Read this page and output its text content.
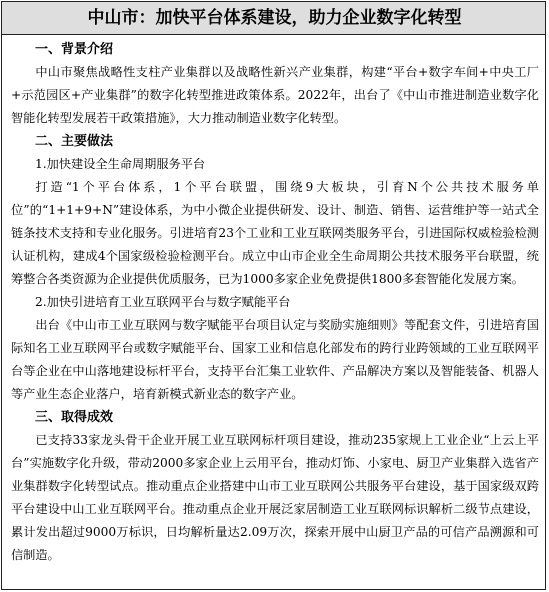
中山市：加快平台体系建设，助力企业数字化转型
一、背景介绍
中山市聚焦战略性支柱产业集群以及战略性新兴产业集群，构建“平台+数字车间+中央工厂+示范园区+产业集群”的数字化转型推进政策体系。2022年，出台了《中山市推进制造业数字化智能化转型发展若干政策措施》，大力推动制造业数字化转型。
二、主要做法
1.加快建设全生命周期服务平台
打造“1个平台体系，1个平台联盟，围绕9大板块，引育N个公共技术服务单位”的“1+1+9+N”建设体系，为中小微企业提供研发、设计、制造、销售、运营维护等一站式全链条技术支持和专业化服务。引进培育23个工业和工业互联网类服务平台，引进国际权威检验检测认证机构，建成4个国家级检验检测平台。成立中山市企业全生命周期公共技术服务平台联盟，统筹整合各类资源为企业提供优质服务，已为1000多家企业免费提供1800多套智能化发展方案。
2.加快引进培育工业互联网平台与数字赋能平台
出台《中山市工业互联网与数字赋能平台项目认定与奖励实施细则》等配套文件，引进培育国际知名工业互联网平台或数字赋能平台、国家工业和信息化部发布的跨行业跨领域的工业互联网平台等企业在中山落地建设标杆平台，支持平台汇集工业软件、产品解决方案以及智能装备、机器人等产业生态企业落户，培育新模式新业态的数字产业。
三、取得成效
已支持33家龙头骨干企业开展工业互联网标杆项目建设，推动235家规上工业企业“上云上平台”实施数字化升级，带动2000多家企业上云用平台，推动灯饰、小家电、厨卫产业集群入选省产业集群数字化转型试点。推动重点企业搭建中山市工业互联网公共服务平台建设，基于国家级双跨平台建设中山工业互联网平台。推动重点企业开展泛家居制造工业互联网标识解析二级节点建设，累计发出超过9000万标识，日均解析量达2.09万次，探索开展中山厨卫产品的可信产品溯源和可信制造。
